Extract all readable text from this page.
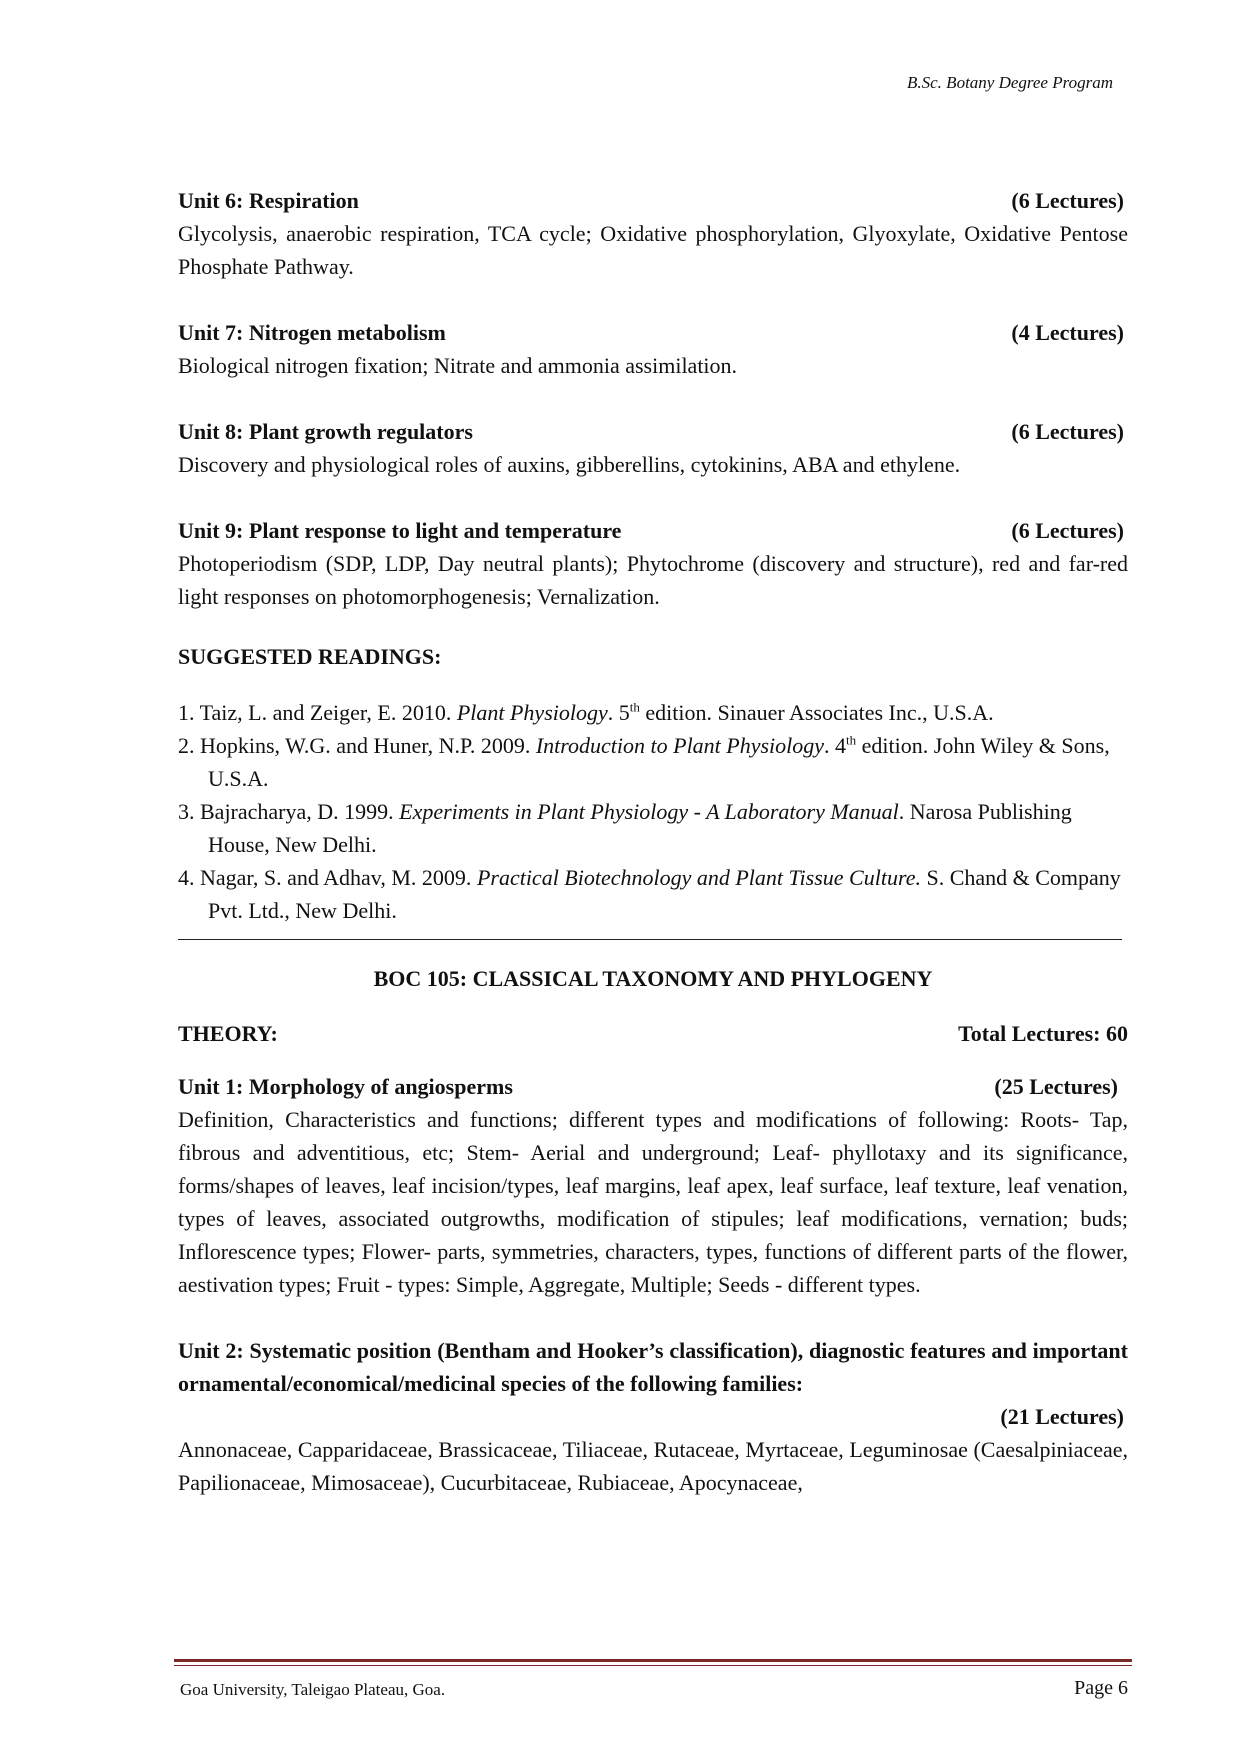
B.Sc. Botany Degree Program
Unit 6: Respiration	(6 Lectures)
Glycolysis, anaerobic respiration, TCA cycle; Oxidative phosphorylation, Glyoxylate, Oxidative Pentose Phosphate Pathway.
Unit 7: Nitrogen metabolism	(4 Lectures)
Biological nitrogen fixation; Nitrate and ammonia assimilation.
Unit 8: Plant growth regulators	(6 Lectures)
Discovery and physiological roles of auxins, gibberellins, cytokinins, ABA and ethylene.
Unit 9: Plant response to light and temperature	(6 Lectures)
Photoperiodism (SDP, LDP, Day neutral plants); Phytochrome (discovery and structure), red and far-red light responses on photomorphogenesis; Vernalization.
SUGGESTED READINGS:
1. Taiz, L. and Zeiger, E. 2010. Plant Physiology. 5th edition. Sinauer Associates Inc., U.S.A.
2. Hopkins, W.G. and Huner, N.P. 2009. Introduction to Plant Physiology. 4th edition. John Wiley & Sons, U.S.A.
3. Bajracharya, D. 1999. Experiments in Plant Physiology - A Laboratory Manual. Narosa Publishing House, New Delhi.
4. Nagar, S. and Adhav, M. 2009. Practical Biotechnology and Plant Tissue Culture. S. Chand & Company Pvt. Ltd., New Delhi.
BOC 105: CLASSICAL TAXONOMY AND PHYLOGENY
THEORY:	Total Lectures: 60
Unit 1: Morphology of angiosperms	(25 Lectures)
Definition, Characteristics and functions; different types and modifications of following: Roots- Tap, fibrous and adventitious, etc; Stem- Aerial and underground; Leaf- phyllotaxy and its significance, forms/shapes of leaves, leaf incision/types, leaf margins, leaf apex, leaf surface, leaf texture, leaf venation, types of leaves, associated outgrowths, modification of stipules; leaf modifications, vernation; buds; Inflorescence types; Flower- parts, symmetries, characters, types, functions of different parts of the flower, aestivation types; Fruit - types: Simple, Aggregate, Multiple; Seeds - different types.
Unit 2: Systematic position (Bentham and Hooker’s classification), diagnostic features and important ornamental/economical/medicinal species of the following families:
(21 Lectures)
Annonaceae, Capparidaceae, Brassicaceae, Tiliaceae, Rutaceae, Myrtaceae, Leguminosae (Caesalpiniaceae, Papilionaceae, Mimosaceae), Cucurbitaceae, Rubiaceae, Apocynaceae,
Goa University, Taleigao Plateau, Goa.	Page 6
